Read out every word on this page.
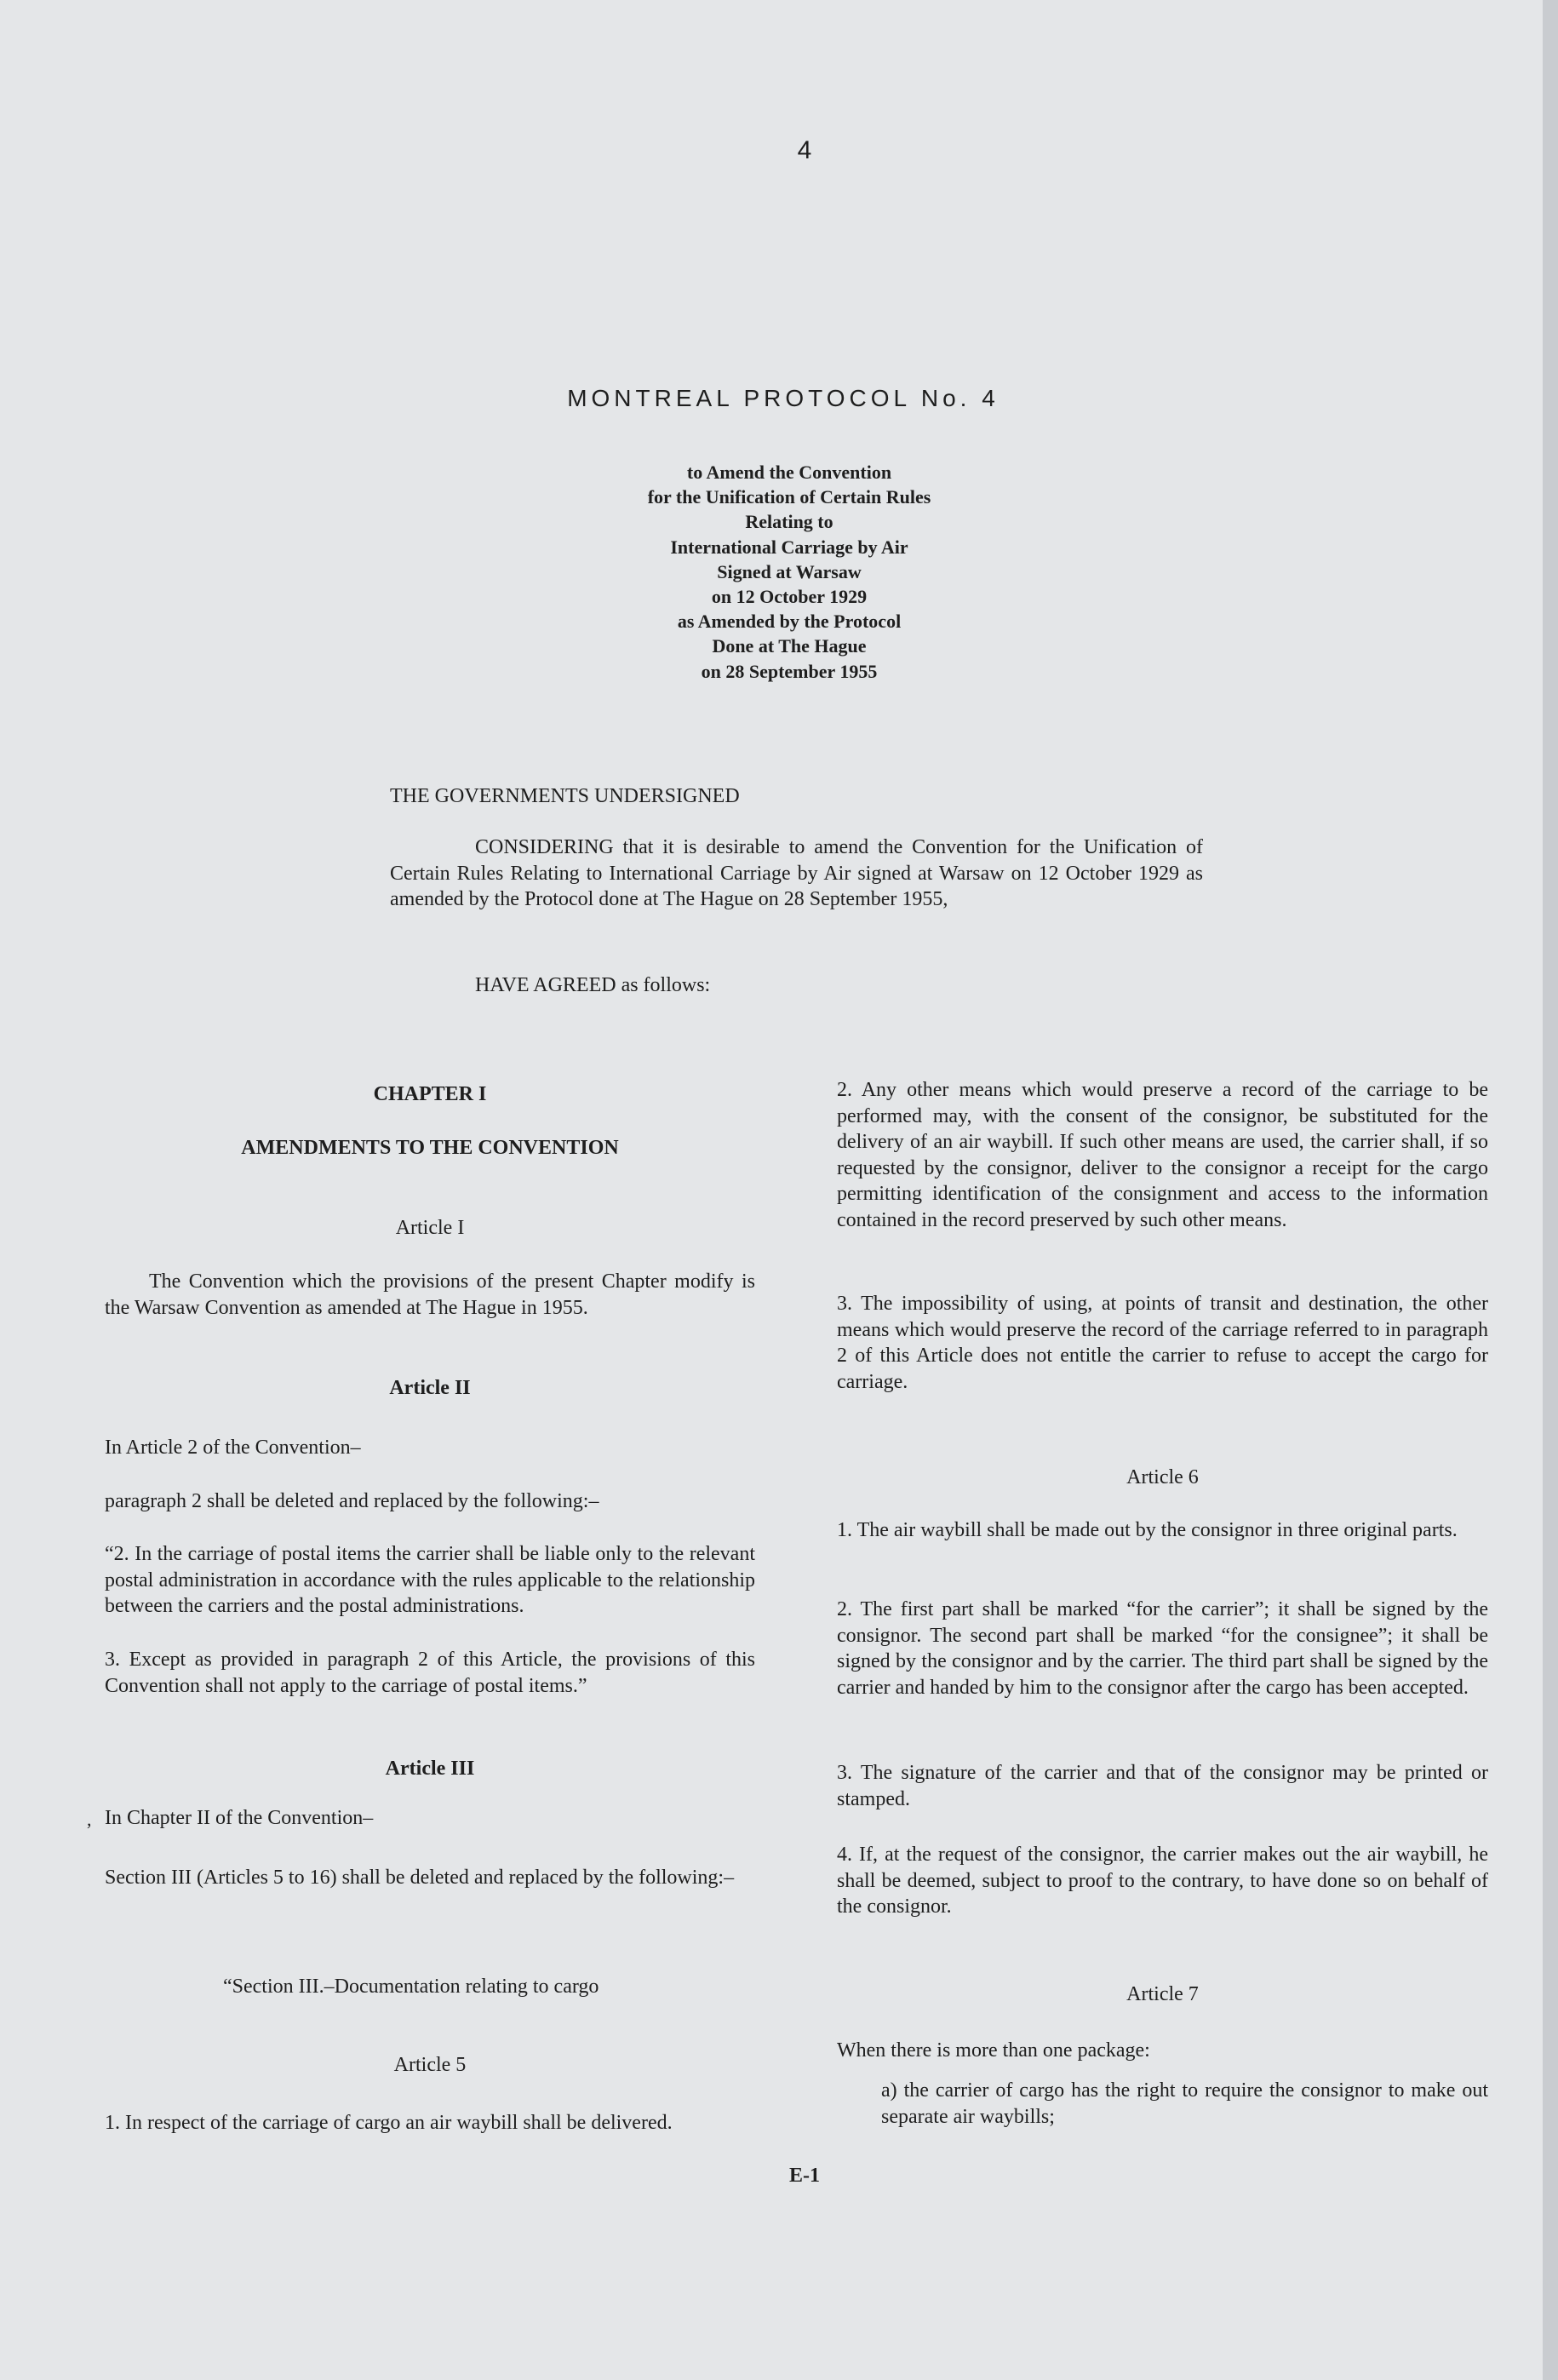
4
MONTREAL PROTOCOL No. 4
to Amend the Convention
for the Unification of Certain Rules
Relating to
International Carriage by Air
Signed at Warsaw
on 12 October 1929
as Amended by the Protocol
Done at The Hague
on 28 September 1955
THE GOVERNMENTS UNDERSIGNED
CONSIDERING that it is desirable to amend the Convention for the Unification of Certain Rules Relating to International Carriage by Air signed at Warsaw on 12 October 1929 as amended by the Protocol done at The Hague on 28 September 1955,
HAVE AGREED as follows:
CHAPTER I
AMENDMENTS TO THE CONVENTION
Article I
The Convention which the provisions of the present Chapter modify is the Warsaw Convention as amended at The Hague in 1955.
Article II
In Article 2 of the Convention–
paragraph 2 shall be deleted and replaced by the following:–
“2. In the carriage of postal items the carrier shall be liable only to the relevant postal administration in accordance with the rules applicable to the relationship between the carriers and the postal administrations.
3. Except as provided in paragraph 2 of this Article, the provisions of this Convention shall not apply to the carriage of postal items.”
Article III
, In Chapter II of the Convention–
Section III (Articles 5 to 16) shall be deleted and replaced by the following:–
“Section III.–Documentation relating to cargo
Article 5
1. In respect of the carriage of cargo an air waybill shall be delivered.
2. Any other means which would preserve a record of the carriage to be performed may, with the consent of the consignor, be substituted for the delivery of an air waybill. If such other means are used, the carrier shall, if so requested by the consignor, deliver to the consignor a receipt for the cargo permitting identification of the consignment and access to the information contained in the record preserved by such other means.
3. The impossibility of using, at points of transit and destination, the other means which would preserve the record of the carriage referred to in paragraph 2 of this Article does not entitle the carrier to refuse to accept the cargo for carriage.
Article 6
1. The air waybill shall be made out by the consignor in three original parts.
2. The first part shall be marked “for the carrier”; it shall be signed by the consignor. The second part shall be marked “for the consignee”; it shall be signed by the consignor and by the carrier. The third part shall be signed by the carrier and handed by him to the consignor after the cargo has been accepted.
3. The signature of the carrier and that of the consignor may be printed or stamped.
4. If, at the request of the consignor, the carrier makes out the air waybill, he shall be deemed, subject to proof to the contrary, to have done so on behalf of the consignor.
Article 7
When there is more than one package:
a) the carrier of cargo has the right to require the consignor to make out separate air waybills;
E-1
